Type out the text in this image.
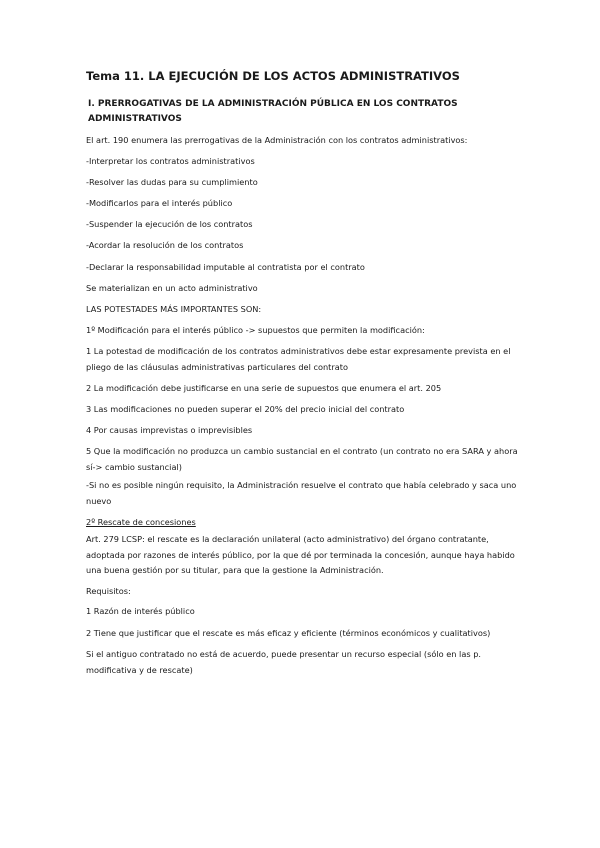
Tema 11. LA EJECUCIÓN DE LOS ACTOS ADMINISTRATIVOS
I. PRERROGATIVAS DE LA ADMINISTRACIÓN PÚBLICA EN LOS CONTRATOS ADMINISTRATIVOS
El art. 190 enumera las prerrogativas de la Administración con los contratos administrativos:
-Interpretar los contratos administrativos
-Resolver las dudas para su cumplimiento
-Modificarlos para el interés público
-Suspender la ejecución de los contratos
-Acordar la resolución de los contratos
-Declarar la responsabilidad imputable al contratista por el contrato
Se materializan en un acto administrativo
LAS POTESTADES MÁS IMPORTANTES SON:
1º Modificación para el interés público -> supuestos que permiten la modificación:
1 La potestad de modificación de los contratos administrativos debe estar expresamente prevista en el pliego de las cláusulas administrativas particulares del contrato
2 La modificación debe justificarse en una serie de supuestos que enumera el art. 205
3 Las modificaciones no pueden superar el 20% del precio inicial del contrato
4 Por causas imprevistas o imprevisibles
5 Que la modificación no produzca un cambio sustancial en el contrato (un contrato no era SARA y ahora sí-> cambio sustancial)
-Si no es posible ningún requisito, la Administración resuelve el contrato que había celebrado y saca uno nuevo
2º Rescate de concesiones
Art. 279 LCSP: el rescate es la declaración unilateral (acto administrativo) del órgano contratante, adoptada por razones de interés público, por la que dé por terminada la concesión, aunque haya habido una buena gestión por su titular, para que la gestione la Administración.
Requisitos:
1 Razón de interés público
2 Tiene que justificar que el rescate es más eficaz y eficiente (términos económicos y cualitativos)
Si el antiguo contratado no está de acuerdo, puede presentar un recurso especial (sólo en las p. modificativa y de rescate)
